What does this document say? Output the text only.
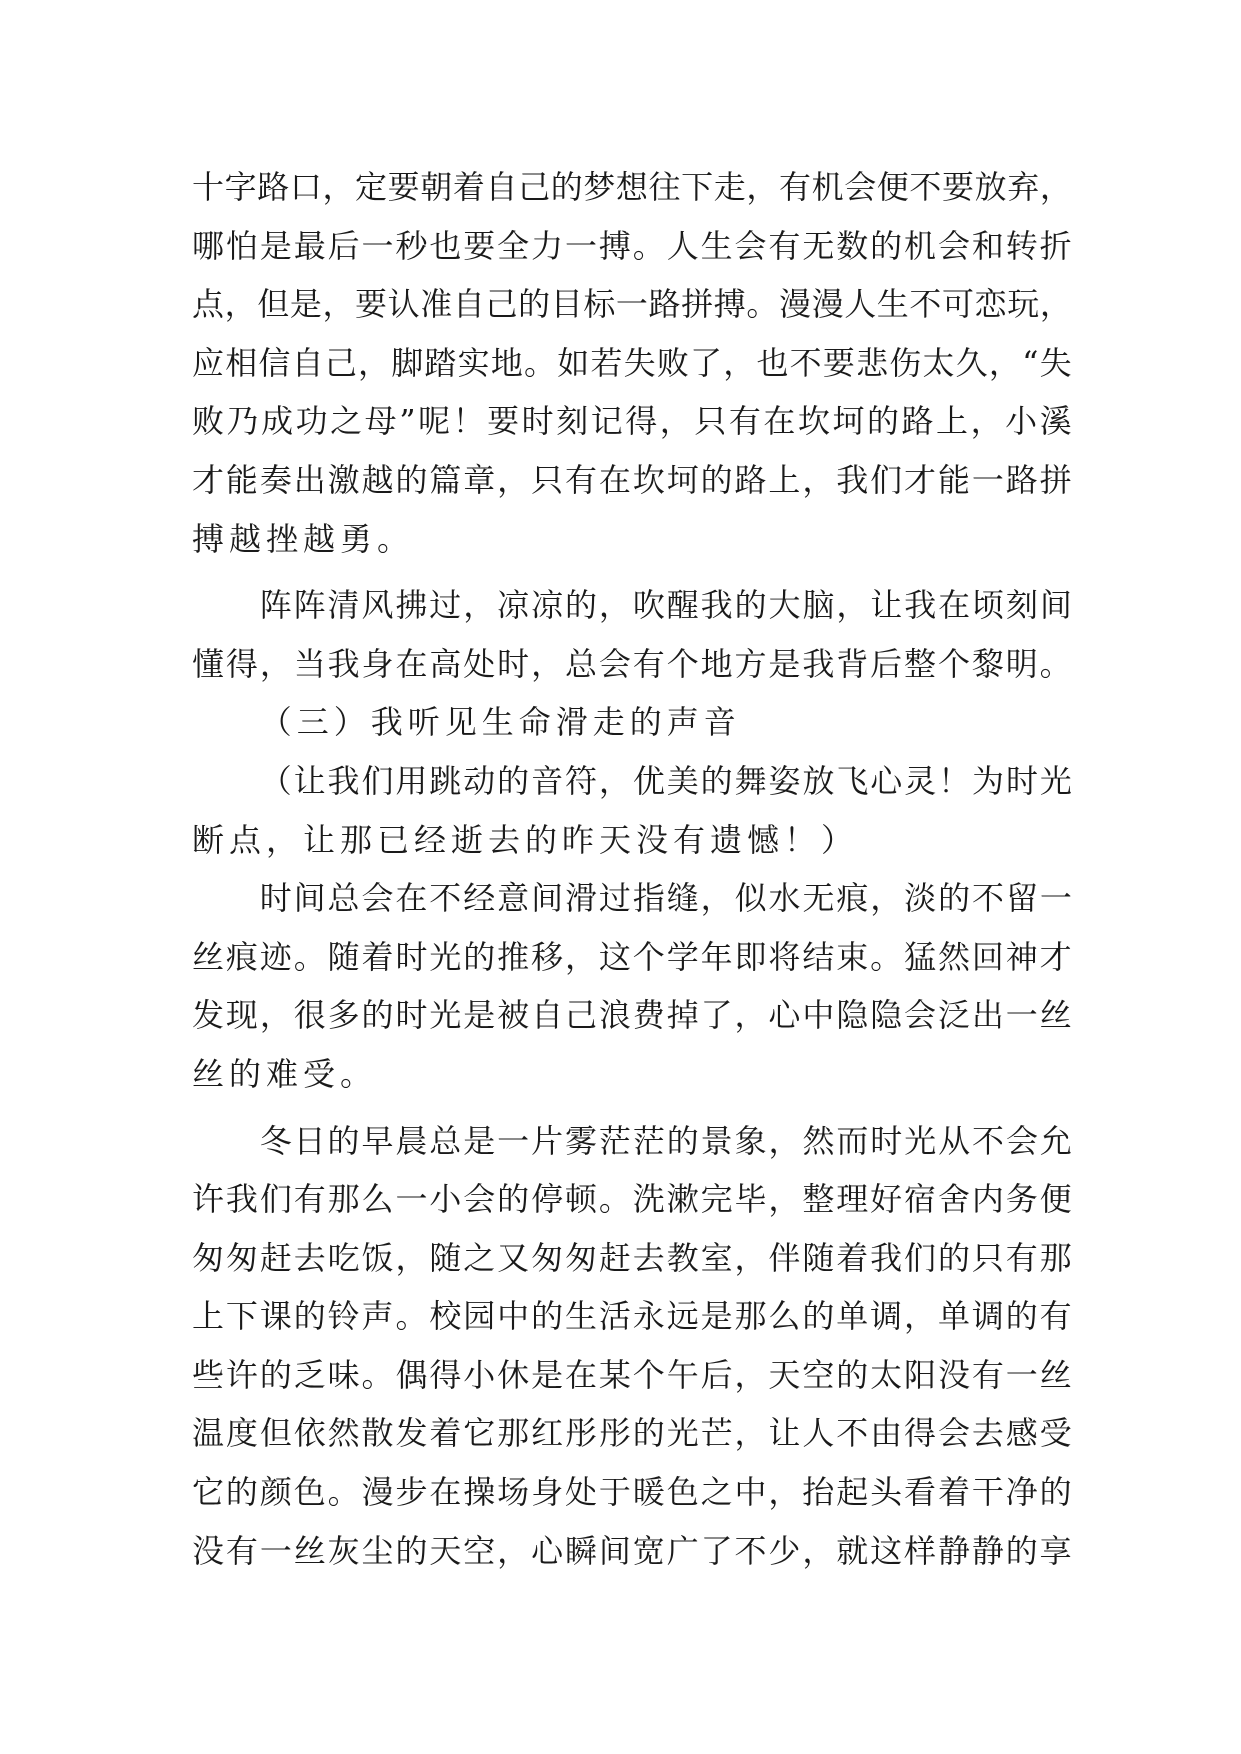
十 字 路 口 ， 定 要 朝 着 自 己 的 梦 想 往 下 走 ， 有 机 会 便 不 要 放 弃 ，
哪 怕 是 最 后 一 秒 也 要 全 力 一 搏 。 人 生 会 有 无 数 的 机 会 和 转 折
点 ， 但 是 ， 要 认 准 自 己 的 目 标 一 路 拼 搏 。 漫 漫 人 生 不 可 恋 玩 ，
应 相 信 自 己 ， 脚 踏 实 地 。 如 若 失 败 了 ， 也 不 要 悲 伤 太 久 ， “ 失
败 乃 成 功 之 母 ” 呢 ！ 要 时 刻 记 得 ， 只 有 在 坎 坷 的 路 上 ， 小 溪
才 能 奏 出 激 越 的 篇 章 ， 只 有 在 坎 坷 的 路 上 ， 我 们 才 能 一 路 拼
搏越挫越勇。
阵 阵 清 风 拂 过 ， 凉 凉 的 ， 吹 醒 我 的 大 脑 ， 让 我 在 顷 刻 间
懂 得 ， 当 我 身 在 高 处 时 ， 总 会 有 个 地 方 是 我 背 后 整 个 黎 明 。
（三）我听见生命滑走的声音
（ 让 我 们 用 跳 动 的 音 符 ， 优 美 的 舞 姿 放 飞 心 灵 ！ 为 时 光
断点，让那已经逝去的昨天没有遗憾！）
时 间 总 会 在 不 经 意 间 滑 过 指 缝 ， 似 水 无 痕 ， 淡 的 不 留 一
丝 痕 迹 。 随 着 时 光 的 推 移 ， 这 个 学 年 即 将 结 束 。 猛 然 回 神 才
发 现 ， 很 多 的 时 光 是 被 自 己 浪 费 掉 了 ， 心 中 隐 隐 会 泛 出 一 丝
丝的难受。
冬 日 的 早 晨 总 是 一 片 雾 茫 茫 的 景 象 ， 然 而 时 光 从 不 会 允
许 我 们 有 那 么 一 小 会 的 停 顿 。 洗 漱 完 毕 ， 整 理 好 宿 舍 内 务 便
匆 匆 赶 去 吃 饭 ， 随 之 又 匆 匆 赶 去 教 室 ， 伴 随 着 我 们 的 只 有 那
上 下 课 的 铃 声 。 校 园 中 的 生 活 永 远 是 那 么 的 单 调 ， 单 调 的 有
些 许 的 乏 味 。 偶 得 小 休 是 在 某 个 午 后 ， 天 空 的 太 阳 没 有 一 丝
温 度 但 依 然 散 发 着 它 那 红 彤 彤 的 光 芒 ， 让 人 不 由 得 会 去 感 受
它 的 颜 色 。 漫 步 在 操 场 身 处 于 暖 色 之 中 ， 抬 起 头 看 着 干 净 的
没 有 一 丝 灰 尘 的 天 空 ， 心 瞬 间 宽 广 了 不 少 ， 就 这 样 静 静 的 享
